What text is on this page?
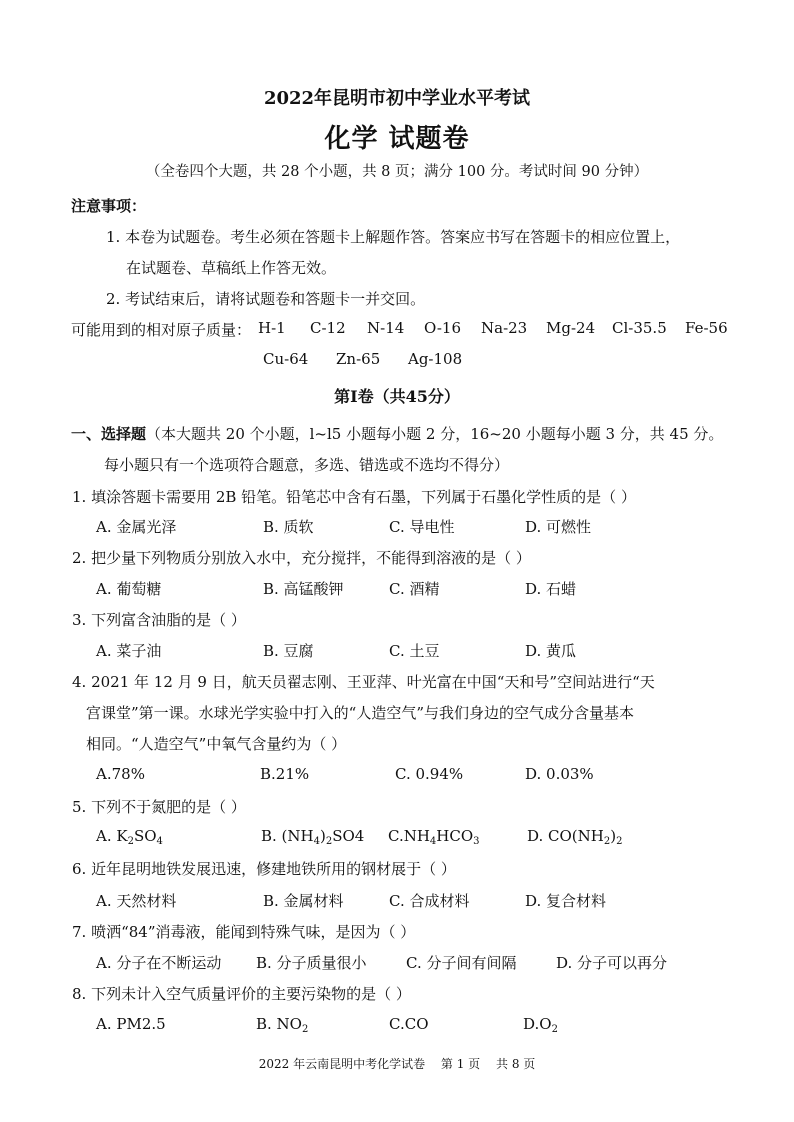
2022年昆明市初中学业水平考试
化学 试题卷
（全卷四个大题，共 28 个小题，共 8 页；满分 100 分。考试时间 90 分钟）
注意事项：
1. 本卷为试题卷。考生必须在答题卡上解题作答。答案应书写在答题卡的相应位置上，
在试题卷、草稿纸上作答无效。
2. 考试结束后，请将试题卷和答题卡一并交回。
可能用到的相对原子质量： H-1 C-12 N-14 O-16 Na-23 Mg-24 Cl-35.5 Fe-56
Cu-64 Zn-65 Ag-108
第Ⅰ卷（共45分）
一、选择题（本大题共 20 个小题，l~l5 小题每小题 2 分，16~20 小题每小题 3 分，共 45 分。
每小题只有一个选项符合题意，多选、错选或不选均不得分）
1. 填涂答题卡需要用 2B 铅笔。铅笔芯中含有石墨，下列属于石墨化学性质的是（ ）
A. 金属光泽	B. 质软	C. 导电性	D. 可燃性
2. 把少量下列物质分别放入水中，充分搅拌，不能得到溶液的是（ ）
A. 葡萄糖	B. 高锰酸钾	C. 酒精	D. 石蜡
3. 下列富含油脂的是（ ）
A. 菜子油	B. 豆腐	C. 土豆	D. 黄瓜
4. 2021 年 12 月 9 日，航天员翟志刚、王亚萍、叶光富在中国“天和号”空间站进行“天
宫课堂”第一课。水球光学实验中打入的“人造空气”与我们身边的空气成分含量基本
相同。“人造空气”中氧气含量约为（ ）
A.78%	B.21%	C. 0.94%	D. 0.03%
5. 下列不于氮肥的是（ ）
A. $K_2SO_4$	B. $(NH_4)_2SO4$ $C.NH_4HCO_3$	D. $CO(NH_2)_2$
6. 近年昆明地铁发展迅速，修建地铁所用的钢材展于（ ）
A. 天然材料	B. 金属材料	C. 合成材料	D. 复合材料
7. 喷洒“84”消毒液，能闻到特殊气味，是因为（ ）
A. 分子在不断运动 B. 分子质量很小	C. 分子间有间隔	D. 分子可以再分
8. 下列未计入空气质量评价的主要污染物的是（ ）
A. PM2.5	B. $NO_2$	C.CO	$D.O_2$
2022 年云南昆明中考化学试卷 第 1 页 共 8 页
